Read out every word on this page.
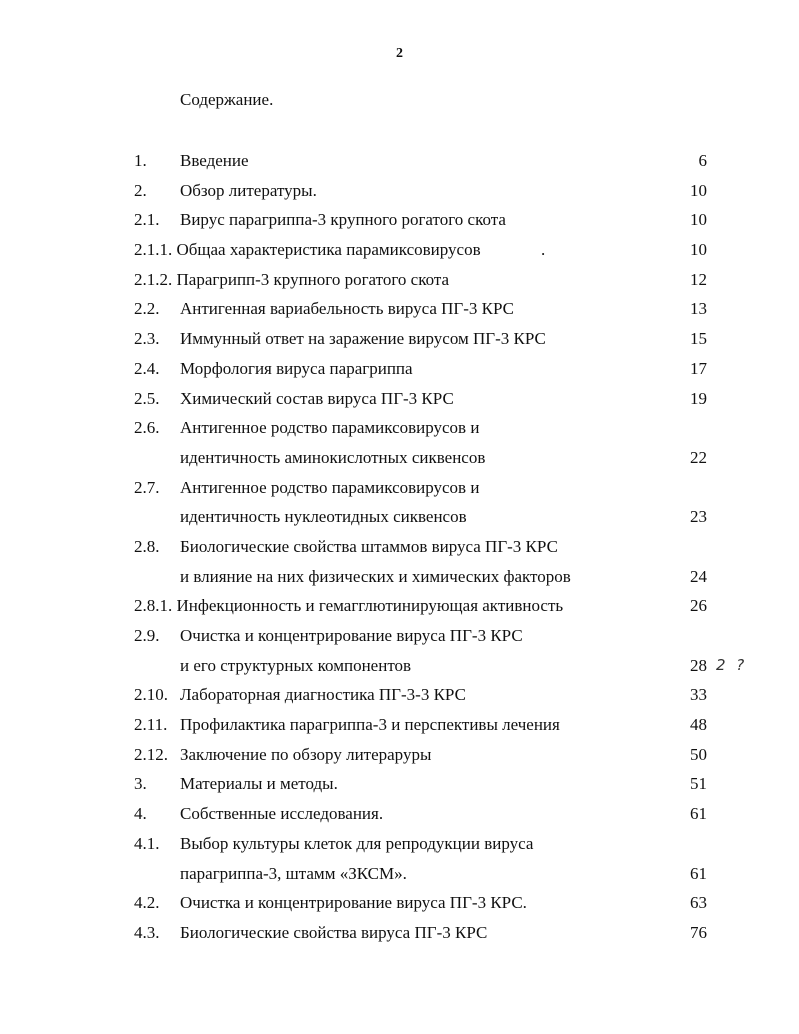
2
Содержание.
1. Введение	6
2. Обзор литературы.	10
2.1. Вирус парагриппа-3 крупного рогатого скота	10
2.1.1. Общаа характеристика парамиксовирусов	.	10
2.1.2. Парагрипп-3 крупного рогатого скота	12
2.2. Антигенная вариабельность вируса ПГ-3 КРС	13
2.3. Иммунный ответ на заражение вирусом ПГ-3 КРС	15
2.4. Морфология вируса парагриппа	17
2.5. Химический состав вируса ПГ-3 КРС	19
2.6. Антигенное родство парамиксовирусов и
идентичность аминокислотных сиквенсов	22
2.7. Антигенное родство парамиксовирусов и
идентичность нуклеотидных сиквенсов	23
2.8. Биологические свойства штаммов вируса ПГ-3 КРС
и влияние на них физических и химических факторов	24
2.8.1. Инфекционность и гемагглютинирующая активность	26
2.9. Очистка и концентрирование вируса ПГ-3 КРС
и его структурных компонентов	28 2 ?
2.10. Лабораторная диагностика ПГ-3-3 КРС	33
2.11. Профилактика парагриппа-3 и перспективы лечения	48
2.12. Заключение по обзору литераруры	50
3. Материалы и методы.	51
4. Собственные исследования.	61
4.1. Выбор культуры клеток для репродукции вируса
парагриппа-3, штамм «ЗКСМ».	61
4.2. Очистка и концентрирование вируса ПГ-3 КРС.	63
4.3. Биологические свойства вируса ПГ-3 КРС	76
